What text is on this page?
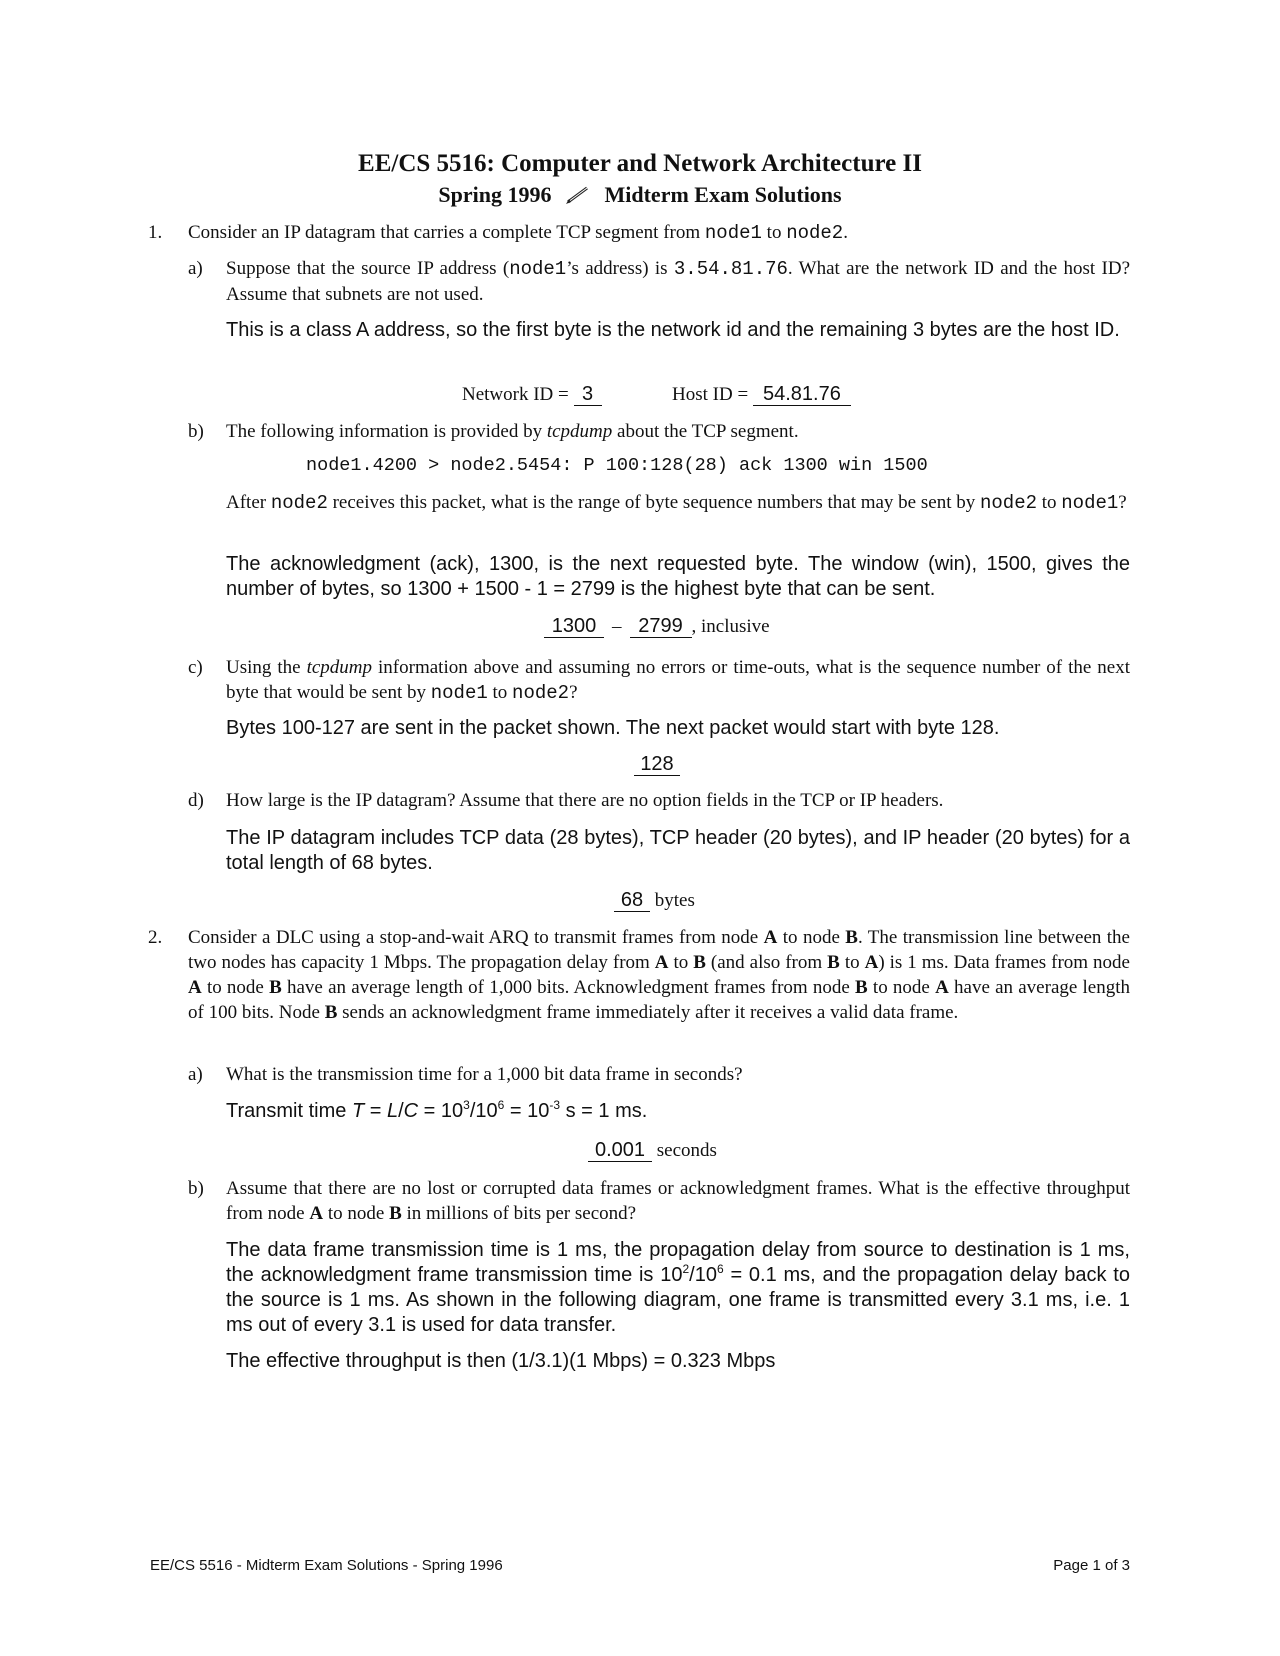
EE/CS 5516: Computer and Network Architecture II
Spring 1996 Midterm Exam Solutions
1. Consider an IP datagram that carries a complete TCP segment from node1 to node2.
a) Suppose that the source IP address (node1’s address) is 3.54.81.76. What are the network ID and the host ID? Assume that subnets are not used.
This is a class A address, so the first byte is the network id and the remaining 3 bytes are the host ID.
Network ID = 3	Host ID = 54.81.76
b) The following information is provided by tcpdump about the TCP segment.
node1.4200 > node2.5454: P 100:128(28) ack 1300 win 1500
After node2 receives this packet, what is the range of byte sequence numbers that may be sent by node2 to node1?
The acknowledgment (ack), 1300, is the next requested byte. The window (win), 1500, gives the number of bytes, so 1300 + 1500 - 1 = 2799 is the highest byte that can be sent.
1300 – 2799 , inclusive
c) Using the tcpdump information above and assuming no errors or time-outs, what is the sequence number of the next byte that would be sent by node1 to node2?
Bytes 100-127 are sent in the packet shown. The next packet would start with byte 128.
128
d) How large is the IP datagram? Assume that there are no option fields in the TCP or IP headers.
The IP datagram includes TCP data (28 bytes), TCP header (20 bytes), and IP header (20 bytes) for a total length of 68 bytes.
68 bytes
2. Consider a DLC using a stop-and-wait ARQ to transmit frames from node A to node B. The transmission line between the two nodes has capacity 1 Mbps. The propagation delay from A to B (and also from B to A) is 1 ms. Data frames from node A to node B have an average length of 1,000 bits. Acknowledgment frames from node B to node A have an average length of 100 bits. Node B sends an acknowledgment frame immediately after it receives a valid data frame.
a) What is the transmission time for a 1,000 bit data frame in seconds?
Transmit time $T = L/C = 10^3/10^6 = 10^{-3}$ s = 1 ms.
0.001 seconds
b) Assume that there are no lost or corrupted data frames or acknowledgment frames. What is the effective throughput from node A to node B in millions of bits per second?
The data frame transmission time is 1 ms, the propagation delay from source to destination is 1 ms, the acknowledgment frame transmission time is $10^2/10^6 = 0.1$ ms, and the propagation delay back to the source is 1 ms. As shown in the following diagram, one frame is transmitted every 3.1 ms, i.e. 1 ms out of every 3.1 is used for data transfer.
The effective throughput is then (1/3.1)(1 Mbps) = 0.323 Mbps
EE/CS 5516 - Midterm Exam Solutions - Spring 1996	Page 1 of 3
